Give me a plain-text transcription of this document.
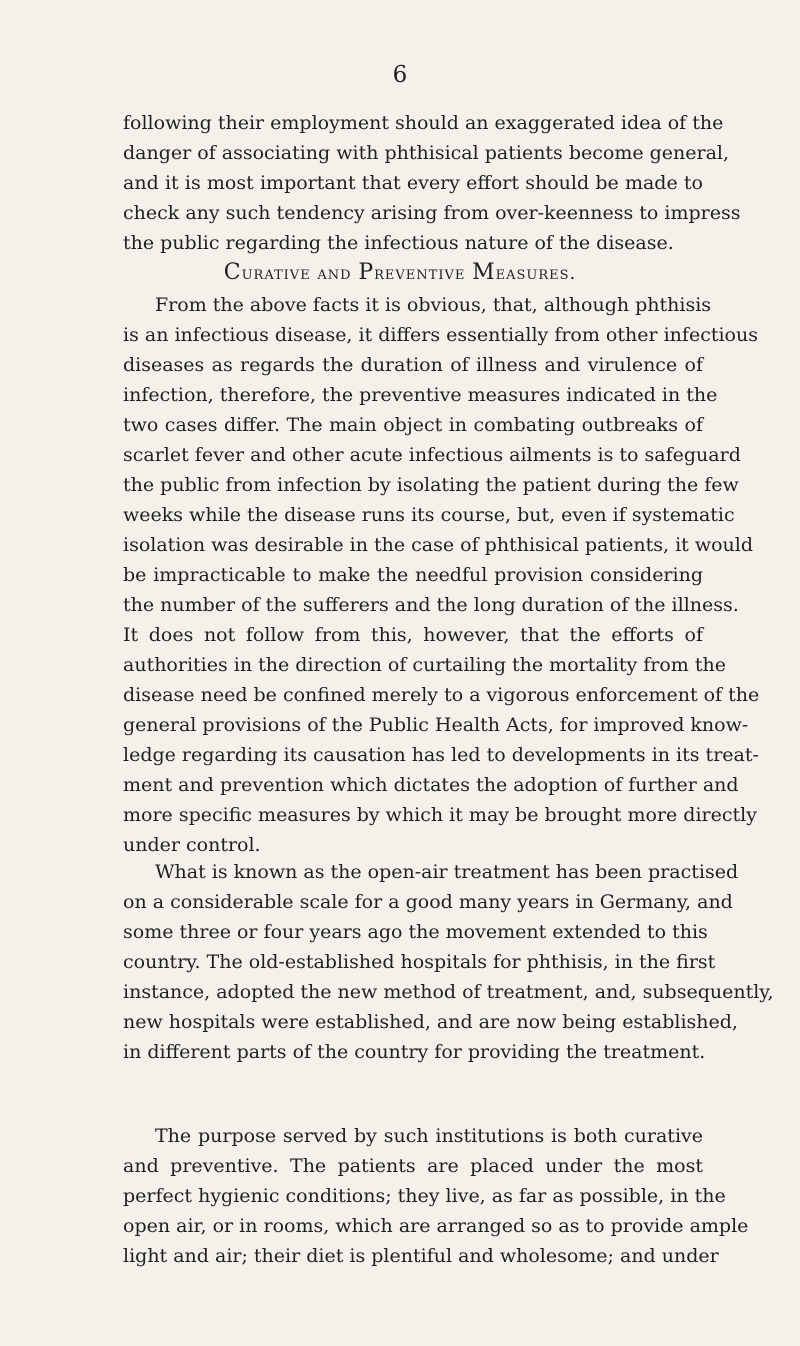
6
following their employment should an exaggerated idea of the
danger of associating with phthisical patients become general,
and it is most important that every effort should be made to
check any such tendency arising from over-keenness to impress
the public regarding the infectious nature of the disease.
Curative and Preventive Measures.
From the above facts it is obvious, that, although phthisis
is an infectious disease, it differs essentially from other infectious
diseases as regards the duration of illness and virulence of
infection, therefore, the preventive measures indicated in the
two cases differ. The main object in combating outbreaks of
scarlet fever and other acute infectious ailments is to safeguard
the public from infection by isolating the patient during the few
weeks while the disease runs its course, but, even if systematic
isolation was desirable in the case of phthisical patients, it would
be impracticable to make the needful provision considering
the number of the sufferers and the long duration of the illness.
It does not follow from this, however, that the efforts of
authorities in the direction of curtailing the mortality from the
disease need be confined merely to a vigorous enforcement of the
general provisions of the Public Health Acts, for improved know-
ledge regarding its causation has led to developments in its treat-
ment and prevention which dictates the adoption of further and
more specific measures by which it may be brought more directly
under control.
What is known as the open-air treatment has been practised
on a considerable scale for a good many years in Germany, and
some three or four years ago the movement extended to this
country. The old-established hospitals for phthisis, in the first
instance, adopted the new method of treatment, and, subsequently,
new hospitals were established, and are now being established,
in different parts of the country for providing the treatment.
The purpose served by such institutions is both curative
and preventive. The patients are placed under the most
perfect hygienic conditions; they live, as far as possible, in the
open air, or in rooms, which are arranged so as to provide ample
light and air; their diet is plentiful and wholesome; and under
